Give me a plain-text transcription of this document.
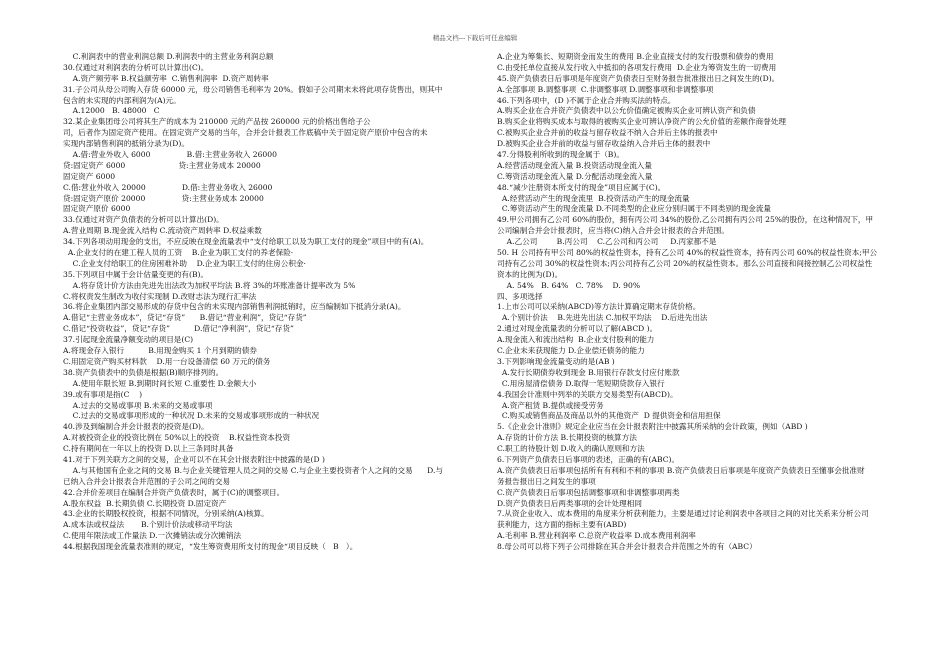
精品文档---下载后可任意编辑
C.利润表中的营业利润总额 D.利润表中的主营业务利润总额
30.仅通过对利润表的分析可以计算出(C)。
A.资产频劳率 B.权益颜劳率  C.销售利润率  D.资产周转率
31.子公司从母公司购入存货 60000 元，母公司销售毛利率为 20%。假如子公司期末未将此项存货售出，则其中
包含的未实现的内部利润为(A)元。
A.12000   B. 48000   C
32.某企业集团母公司将其生产的成本为 210000 元的产品按 260000 元的价格出售给子公
司，后者作为固定资产使用。在固定资产交易的当年，合并会计报表工作底稿中关于固定资产原价中包含的未
实现内部销售利润的抵销分录为(D)。
A.借:营业外收入 6000               B.借:主营业务收入 26000
贷:固定资产 6000                      贷:主营业务成本 20000
固定资产 6000
C.借:营业外收入 20000               D.借:主营业务收入 26000
贷:固定资产原价 20000               贷:主营业务成本 20000
固定资产原价 6000
33.仅通过对资产负债表的分析可以计算出(D)。
A.营业周期 B.现金流入结构 C.流动资产周转率 D.权益乘数
34.下列各项动用现金的支出，不应反映在现金流量表中“支付给职工以及为职工支付的现金”项目中的有(A)。
A.企业支付的在建工程人员的工资    B.企业为职工支付的养老保险·
C.企业支付给职工的住房困难补助    D.企业为职工支付的住房公积金·
35.下列项目中属于会计估量变更的有(B)。
A.将存货计价方法由先进先出法改为加权平均法 B.将 3%的坏账准备计提率改为 5%
C.将权责发生制改为收付实现制 D.改财志法为现行汇率法
36.将企业集团内部交易形成的存货中包含的未实现内部销售利润抵销时，应当编制如下抵消分录(A)。
A.借记“主营业务成本”，贷记“存货”      B.借记“营业利润”，贷记“存货”
C.借记“投资收益”，贷记“存货”          D.借记“净利润”，贷记“存货”
37.引起现金流量净额变动的项目是(C)
A.将现金存入银行          B.用现金购买 1 个月到期的债券
C.用固定资产购买材料款    D.用一台设备清偿 60 万元的债务
38.资产负债表中的负债是根据(B)顺序排列的。
A.使用年限长短 B.到期时间长短 C.重要性 D.金额大小
39.或有事项是指(C    )
A.过去的交易或事项 B.未来的交易或事项
C.过去的交易或事项形成的一种状况 D.未来的交易或事项形成的一种状况
40.涉及到编制合并会计报表的投资是(D)。
A.对被投资企业的投资比例在 50%以上的投资    B.权益性资本投资
C.持有期间在一年以上的投资 D.以上三条同时具备
41.对于下列关联方之间的交易，企业可以不在其会计报表附注中披露的是(D )
A.与其他国有企业之间的交易 B.与企业关键管理人员之间的交易 C.与企业主要投资者个人之间的交易      D.与
已纳入合并会计报表合并范围的子公司之间的交易
42.合并价差项目在编制合并资产负债表时，属于(C)的调整项目。
A.股东权益  B.长期负债 C.长期投资 D.固定资产
43.企业的长期股权投资，根据不同情况，分别采纳(A)核算。
A.成本法或权益法       B.个别计价法或移动平均法
C.使用年限法或工作量法 D.一次摊销法或分次摊销法
44.根据我国现金流量表准则的规定，“发生筹资费用所支付的现金“项目反映（   B   ）。
A.企业为筹集长、短期资金而发生的费用 B.企业直接支付的发行股票和债券的费用
C.由受托单位直接从发行收入中抵扣的各项发行费用  D.企业为筹资发生的一切费用
45.资产负债表日后事项是年度资产负债表日至财务报告批准报出日之间发生的(D)。
A.全部事项 B.调整事项  C.非调整事项 D.调整事项和非调整事项
46.下列各项中，(D )不属于企业合并购买法的特点。
A.购买企业在合并资产负债表中以公允价值确定被购买企业可辨认资产和负债
B.购买企业将购买成本与取得的被购买企业可辨认净资产的公允价值的差额作商誉处理
C.被购买企业合并前的收益与留存收益不纳入合并后主体的报表中
D.被购买企业合并前的收益与留存收益纳入合并后主体的报表中
47.分得股利所收到的现金属于（B)。
A.经营活动现金流入量 B.投资活动现金流入量
C.筹资活动现金流入量 D.分配活动现金流入量
48.“减少注册资本所支付的现金”项目应属于(C)。
A.经营活动产生的现金流里  B.投资活动产生的现金流量
C.筹资活动产生的现金流量 D.不同类型的企业应分别归属于不同类别的现金流量
49.甲公司拥有乙公司 60%的股份，拥有丙公司 34%的股份,乙公司拥有丙公司 25%的股份，在这种情况下，甲
公司编制合并会计报表时，应当将(C)纳入合并会计报表的合并范围。
A.乙公司        B.丙公司    C.乙公司和丙公司     D.丙家都不是
50. H 公司持有甲公司 80%的权益性资本，持有乙公司 40%的权益性资本，持有丙公司 60%的权益性资本;甲公
司持有乙公司 30%的权益性资本;丙公司持有乙公司 20%的权益性资本。那么公司直接和间接控制乙公司权益性
资本的比例为(D)。
A. 54%   B. 64%   C. 78%    D. 90%
四、多项选择
1.上市公司可以采纳(ABCD)等方法计算确定期末存货价格。
A.个别计价法    B.先进先出法 C.加权平均法    D.后进先出法
2.通过对现金流量表的分析可以了解(ABCD )。
A.现金流入和流出结构  B.企业支付股利的能力
C.企业未来获现能力 D.企业偿还债务的能力
3.下列影响现金流量变动的是(AB )
A.发行长期债券收到现金 B.用银行存款支付应付账款
C.用房屋清偿债务 D.取得一笔短期贷款存入银行
4.我国会计准则中列举的关联方交易类型有(ABCD)。
A.资产租赁 B.提供或接受劳务
C.购买或销售商品及商品以外的其他资产  D 提供资金和信用担保
5.《企业会计准则》规定企业应当在会计报表附注中披露其所采纳的会计政策，例如（ABD )
A.存货的计价方法 B.长期投资的核算方法
C.职工的待股计划 D.收入的确认原则和方法
6.下列资产负债表日后事项的表述，正确的有(ABC)。
A.资产负债表日后事项包括所有有利和不利的事项 B.资产负债表日后事项是年度资产负债表日至懂事会批准财
务报告报出日之间发生的事项
C.资产负债表日后事项包括调整事项和非调整事项两类
D.资产负债表日后两类事项的会计处理相同
7.从资企业收入、成本费用的角度来分析获利能力，主要是通过讨论利润表中各项目之间的对比关系来分析公司
获利能力，这方面的指标主要有(ABD)
A.毛利率 B.营业利润率 C.总资产收益率 D.成本费用利润率
8.母公司可以将下列子公司排除在其合并会计报表合并范围之外的有（ABC）
